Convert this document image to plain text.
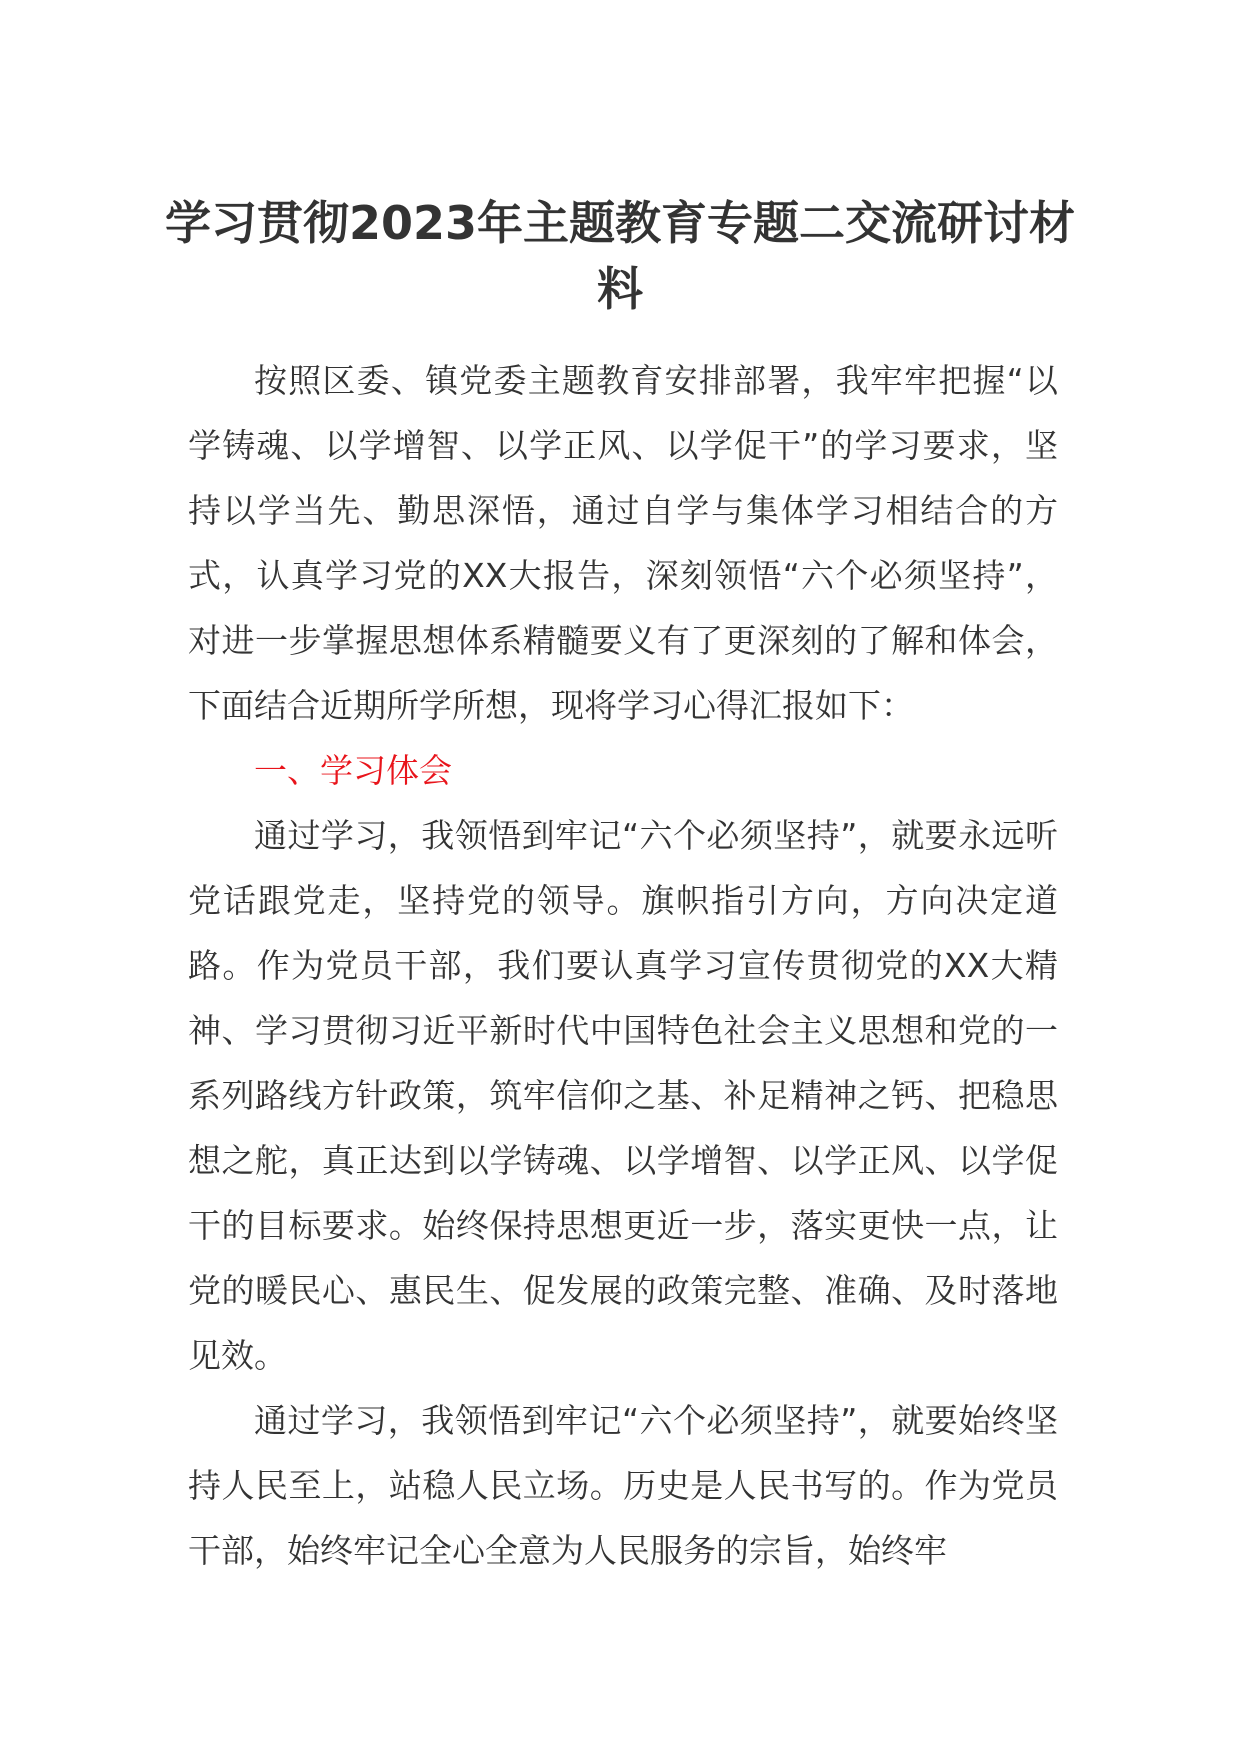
学习贯彻2023年主题教育专题二交流研讨材料

按照区委、镇党委主题教育安排部署，我牢牢把握“以学铸魂、以学增智、以学正风、以学促干”的学习要求，坚持以学当先、勤思深悟，通过自学与集体学习相结合的方式，认真学习党的XX大报告，深刻领悟“六个必须坚持”，对进一步掌握思想体系精髓要义有了更深刻的了解和体会，下面结合近期所学所想，现将学习心得汇报如下：

一、学习体会

通过学习，我领悟到牢记“六个必须坚持”，就要永远听党话跟党走，坚持党的领导。旗帜指引方向，方向决定道路。作为党员干部，我们要认真学习宣传贯彻党的XX大精神、学习贯彻习近平新时代中国特色社会主义思想和党的一系列路线方针政策，筑牢信仰之基、补足精神之钙、把稳思想之舵，真正达到以学铸魂、以学增智、以学正风、以学促干的目标要求。始终保持思想更近一步，落实更快一点，让党的暖民心、惠民生、促发展的政策完整、准确、及时落地见效。

通过学习，我领悟到牢记“六个必须坚持”，就要始终坚持人民至上，站稳人民立场。历史是人民书写的。作为党员干部，始终牢记全心全意为人民服务的宗旨，始终牢
